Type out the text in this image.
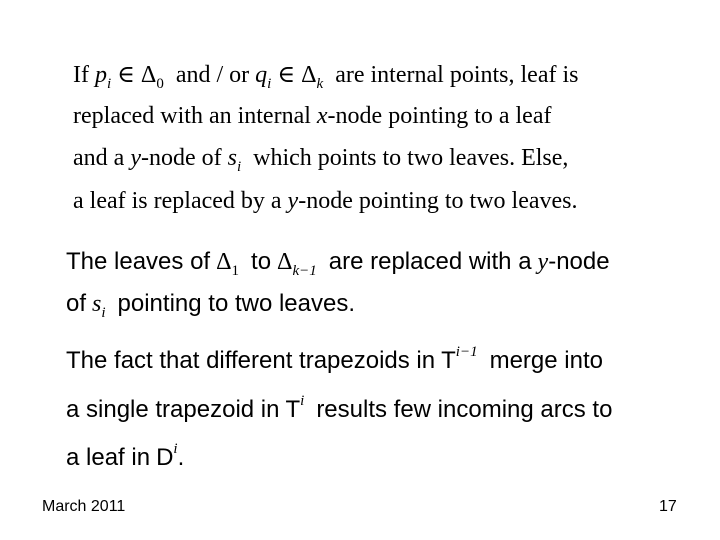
If $p_i$ ∈ $\Delta_0$ and / or $q_i$ ∈ $\Delta_k$ are internal points, leaf is
replaced with an internal x-node pointing to a leaf
and a y-node of $s_i$ which points to two leaves. Else,
a leaf is replaced by a y-node pointing to two leaves.
The leaves of $\Delta_1$ to $\Delta_{k-1}$ are replaced with a y-node
of $s_i$ pointing to two leaves.
The fact that different trapezoids in $T^{i-1}$ merge into
a single trapezoid in $T^i$ results few incoming arcs to
a leaf in $D^i$.
March 2011	17
